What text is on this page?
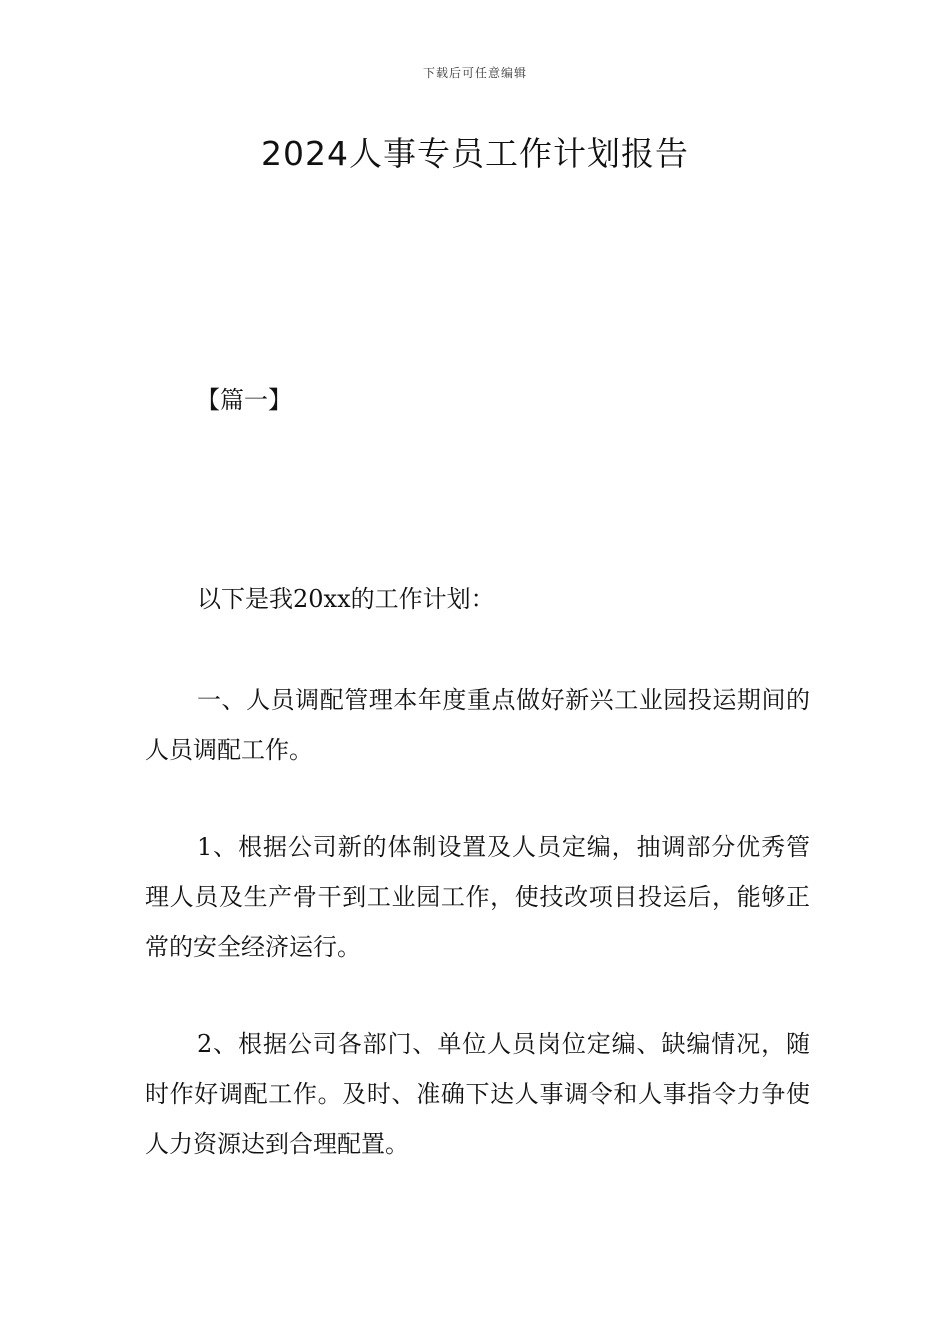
下载后可任意编辑
2024人事专员工作计划报告
【篇一】
以下是我20xx的工作计划：
一、人员调配管理本年度重点做好新兴工业园投运期间的人员调配工作。
1、根据公司新的体制设置及人员定编，抽调部分优秀管理人员及生产骨干到工业园工作，使技改项目投运后，能够正常的安全经济运行。
2、根据公司各部门、单位人员岗位定编、缺编情况，随时作好调配工作。及时、准确下达人事调令和人事指令力争使人力资源达到合理配置。
